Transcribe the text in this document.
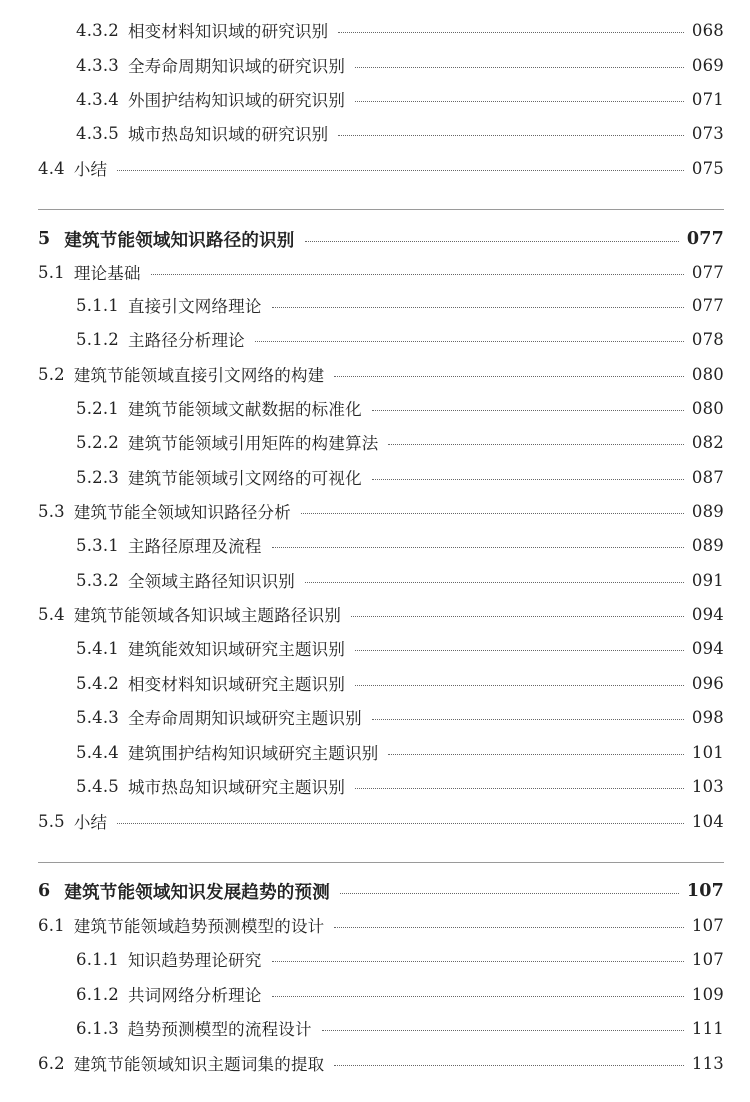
4.3.2 相变材料知识域的研究识别	068
4.3.3 全寿命周期知识域的研究识别	069
4.3.4 外围护结构知识域的研究识别	071
4.3.5 城市热岛知识域的研究识别	073
4.4 小结	075
5 建筑节能领域知识路径的识别	077
5.1 理论基础	077
5.1.1 直接引文网络理论	077
5.1.2 主路径分析理论	078
5.2 建筑节能领域直接引文网络的构建	080
5.2.1 建筑节能领域文献数据的标准化	080
5.2.2 建筑节能领域引用矩阵的构建算法	082
5.2.3 建筑节能领域引文网络的可视化	087
5.3 建筑节能全领域知识路径分析	089
5.3.1 主路径原理及流程	089
5.3.2 全领域主路径知识识别	091
5.4 建筑节能领域各知识域主题路径识别	094
5.4.1 建筑能效知识域研究主题识别	094
5.4.2 相变材料知识域研究主题识别	096
5.4.3 全寿命周期知识域研究主题识别	098
5.4.4 建筑围护结构知识域研究主题识别	101
5.4.5 城市热岛知识域研究主题识别	103
5.5 小结	104
6 建筑节能领域知识发展趋势的预测	107
6.1 建筑节能领域趋势预测模型的设计	107
6.1.1 知识趋势理论研究	107
6.1.2 共词网络分析理论	109
6.1.3 趋势预测模型的流程设计	111
6.2 建筑节能领域知识主题词集的提取	113
